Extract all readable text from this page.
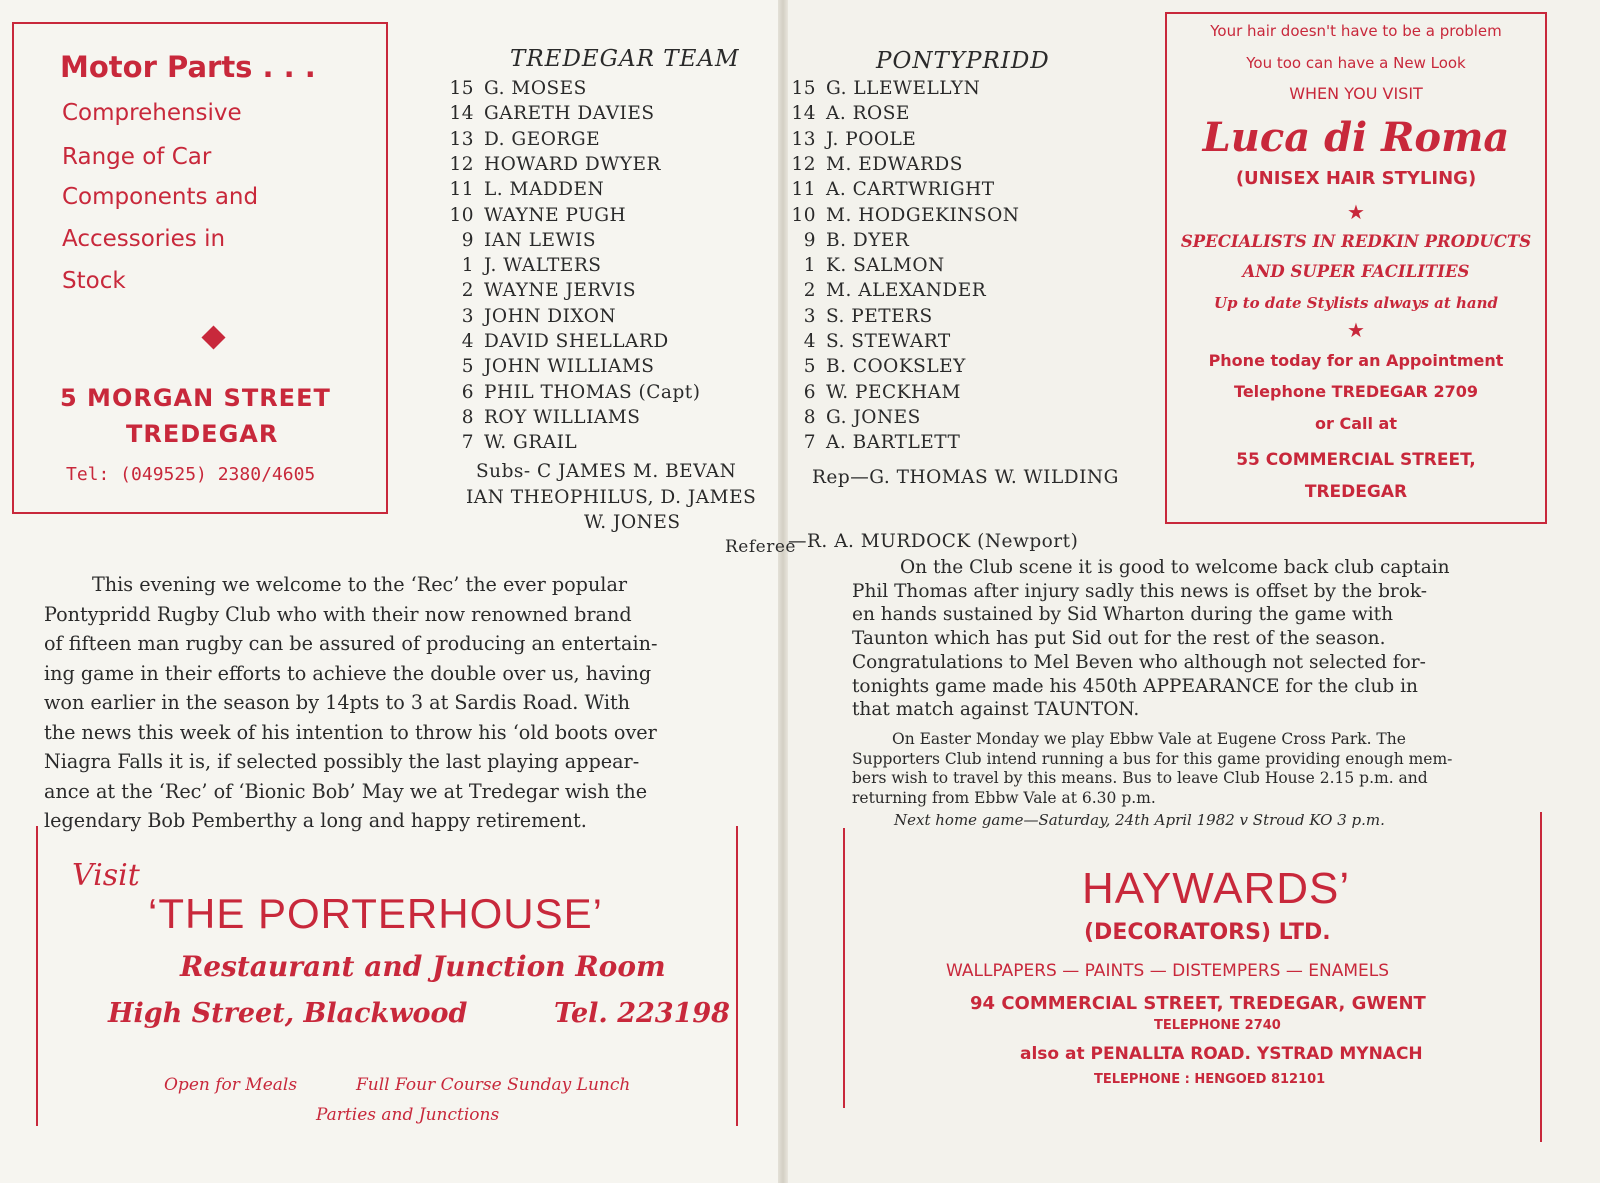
Motor Parts . . .
Comprehensive
Range of Car
Components and
Accessories in
Stock
5 MORGAN STREET
TREDEGAR
Tel: (049525) 2380/4605
TREDEGAR TEAM
15 G. MOSES
14 GARETH DAVIES
13 D. GEORGE
12 HOWARD DWYER
11 L. MADDEN
10 WAYNE PUGH
9 IAN LEWIS
1 J. WALTERS
2 WAYNE JERVIS
3 JOHN DIXON
4 DAVID SHELLARD
5 JOHN WILLIAMS
6 PHIL THOMAS (Capt)
8 ROY WILLIAMS
7 W. GRAIL
Subs- C JAMES M. BEVAN
IAN THEOPHILUS, D. JAMES
W. JONES
PONTYPRIDD
15 G. LLEWELLYN
14 A. ROSE
13 J. POOLE
12 M. EDWARDS
11 A. CARTWRIGHT
10 M. HODGEKINSON
9 B. DYER
1 K. SALMON
2 M. ALEXANDER
3 S. PETERS
4 S. STEWART
5 B. COOKSLEY
6 W. PECKHAM
8 G. JONES
7 A. BARTLETT
Rep—G. THOMAS W. WILDING
Referee
—R. A. MURDOCK (Newport)
This evening we welcome to the ‘Rec’ the ever popular
Pontypridd Rugby Club who with their now renowned brand
of fifteen man rugby can be assured of producing an entertain-
ing game in their efforts to achieve the double over us, having
won earlier in the season by 14pts to 3 at Sardis Road. With
the news this week of his intention to throw his ‘old boots over
Niagra Falls it is, if selected possibly the last playing appear-
ance at the ‘Rec’ of ‘Bionic Bob’ May we at Tredegar wish the
legendary Bob Pemberthy a long and happy retirement.
On the Club scene it is good to welcome back club captain
Phil Thomas after injury sadly this news is offset by the brok-
en hands sustained by Sid Wharton during the game with
Taunton which has put Sid out for the rest of the season.
Congratulations to Mel Beven who although not selected for-
tonights game made his 450th APPEARANCE for the club in
that match against TAUNTON.
On Easter Monday we play Ebbw Vale at Eugene Cross Park. The
Supporters Club intend running a bus for this game providing enough mem-
bers wish to travel by this means. Bus to leave Club House 2.15 p.m. and
returning from Ebbw Vale at 6.30 p.m.
Next home game—Saturday, 24th April 1982 v Stroud KO 3 p.m.
Visit
‘THE PORTERHOUSE’
Restaurant and Junction Room
High Street, Blackwood	Tel. 223198
Open for Meals	Full Four Course Sunday Lunch
Parties and Junctions
HAYWARDS’
(DECORATORS) LTD.
WALLPAPERS — PAINTS — DISTEMPERS — ENAMELS
94 COMMERCIAL STREET, TREDEGAR, GWENT
TELEPHONE 2740
also at PENALLTA ROAD. YSTRAD MYNACH
TELEPHONE : HENGOED 812101
Your hair doesn't have to be a problem
You too can have a New Look
WHEN YOU VISIT
Luca di Roma
(UNISEX HAIR STYLING)
★
SPECIALISTS IN REDKIN PRODUCTS
AND SUPER FACILITIES
Up to date Stylists always at hand
★
Phone today for an Appointment
Telephone TREDEGAR 2709
or Call at
55 COMMERCIAL STREET,
TREDEGAR
